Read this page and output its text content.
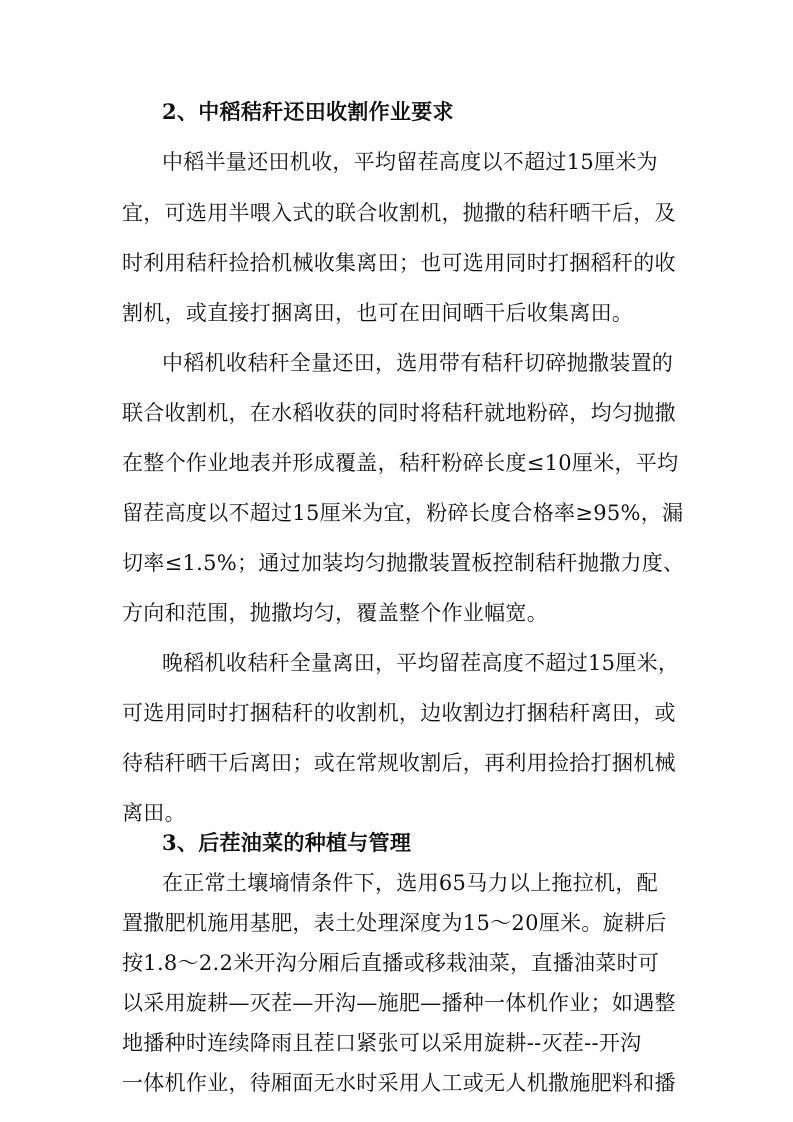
2、中稻秸秆还田收割作业要求
中稻半量还田机收，平均留茬高度以不超过15厘米为
宜，可选用半喂入式的联合收割机，抛撒的秸秆晒干后，及
时利用秸秆捡拾机械收集离田；也可选用同时打捆稻秆的收
割机，或直接打捆离田，也可在田间晒干后收集离田。
中稻机收秸秆全量还田，选用带有秸秆切碎抛撒装置的
联合收割机，在水稻收获的同时将秸秆就地粉碎，均匀抛撒
在整个作业地表并形成覆盖，秸秆粉碎长度≤10厘米，平均
留茬高度以不超过15厘米为宜，粉碎长度合格率≥95%，漏
切率≤1.5%；通过加装均匀抛撒装置板控制秸秆抛撒力度、
方向和范围，抛撒均匀，覆盖整个作业幅宽。
晚稻机收秸秆全量离田，平均留茬高度不超过15厘米，
可选用同时打捆秸秆的收割机，边收割边打捆秸秆离田，或
待秸秆晒干后离田；或在常规收割后，再利用捡拾打捆机械
离田。
3、后茬油菜的种植与管理
在正常土壤墒情条件下，选用65马力以上拖拉机，配
置撒肥机施用基肥，表土处理深度为15～20厘米。旋耕后
按1.8～2.2米开沟分厢后直播或移栽油菜，直播油菜时可
以采用旋耕—灭茬—开沟—施肥—播种一体机作业；如遇整
地播种时连续降雨且茬口紧张可以采用旋耕--灭茬--开沟
一体机作业，待厢面无水时采用人工或无人机撒施肥料和播
